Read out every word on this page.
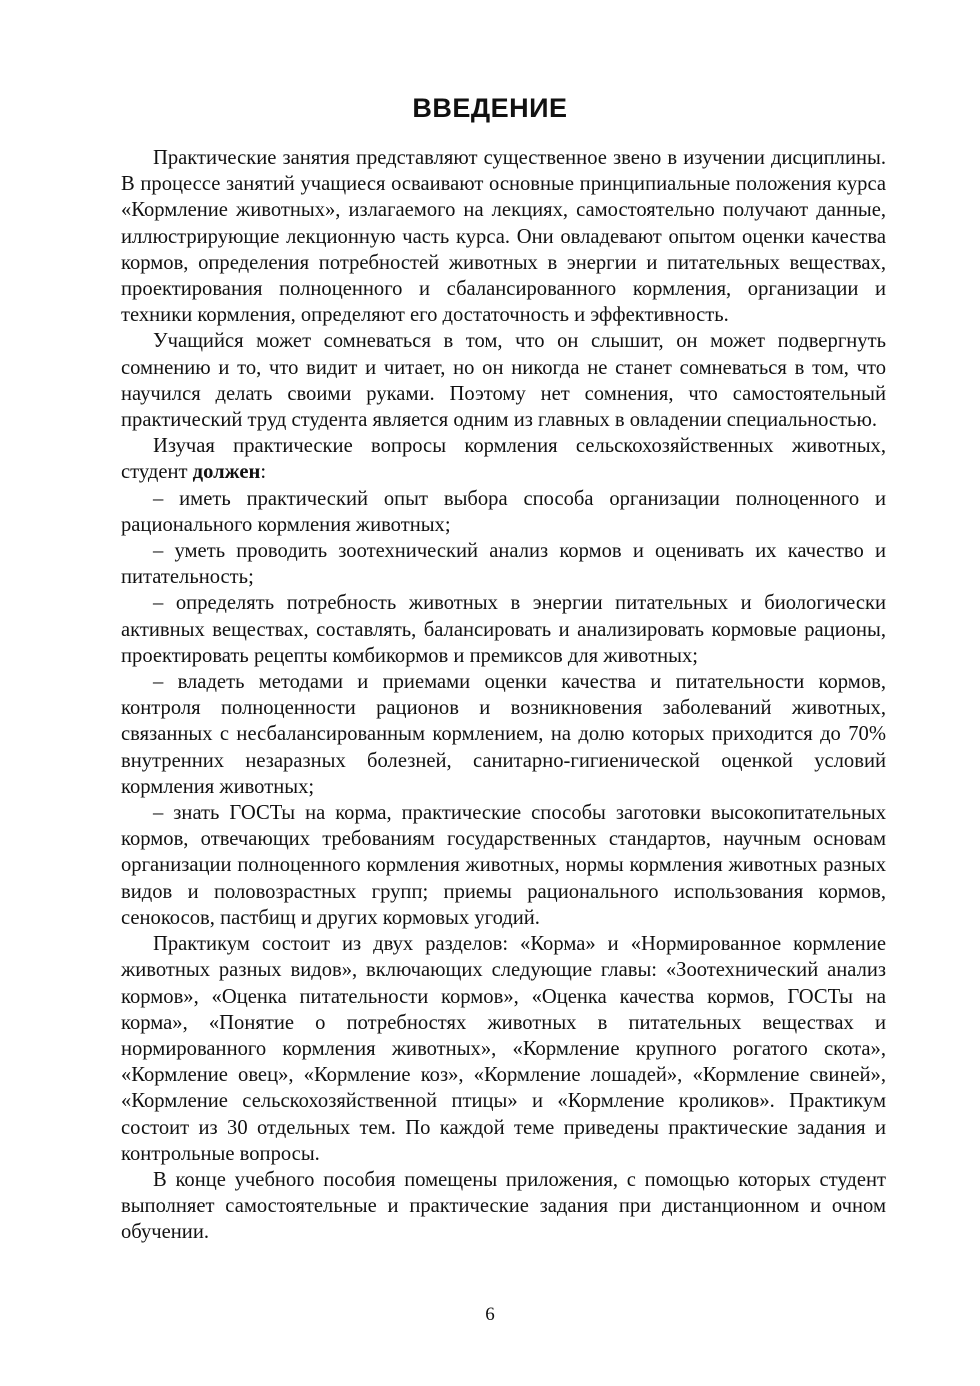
ВВЕДЕНИЕ

Практические занятия представляют существенное звено в изучении дисциплины. В процессе занятий учащиеся осваивают основные принципиальные положения курса «Кормление животных», излагаемого на лекциях, самостоятельно получают данные, иллюстрирующие лекционную часть курса. Они овладевают опытом оценки качества кормов, определения потребностей животных в энергии и питательных веществах, проектирования полноценного и сбалансированного кормления, организации и техники кормления, определяют его достаточность и эффективность.

Учащийся может сомневаться в том, что он слышит, он может подвергнуть сомнению и то, что видит и читает, но он никогда не станет сомневаться в том, что научился делать своими руками. Поэтому нет сомнения, что самостоятельный практический труд студента является одним из главных в овладении специальностью.

Изучая практические вопросы кормления сельскохозяйственных животных, студент должен:

– иметь практический опыт выбора способа организации полноценного и рационального кормления животных;

– уметь проводить зоотехнический анализ кормов и оценивать их качество и питательность;

– определять потребность животных в энергии питательных и биологически активных веществах, составлять, балансировать и анализировать кормовые рационы, проектировать рецепты комбикормов и премиксов для животных;

– владеть методами и приемами оценки качества и питательности кормов, контроля полноценности рационов и возникновения заболеваний животных, связанных с несбалансированным кормлением, на долю которых приходится до 70% внутренних незаразных болезней, санитарно-гигиенической оценкой условий кормления животных;

– знать ГОСТы на корма, практические способы заготовки высокопитательных кормов, отвечающих требованиям государственных стандартов, научным основам организации полноценного кормления животных, нормы кормления животных разных видов и половозрастных групп; приемы рационального использования кормов, сенокосов, пастбищ и других кормовых угодий.

Практикум состоит из двух разделов: «Корма» и «Нормированное кормление животных разных видов», включающих следующие главы: «Зоотехнический анализ кормов», «Оценка питательности кормов», «Оценка качества кормов, ГОСТы на корма», «Понятие о потребностях животных в питательных веществах и нормированного кормления животных», «Кормление крупного рогатого скота», «Кормление овец», «Кормление коз», «Кормление лошадей», «Кормление свиней», «Кормление сельскохозяйственной птицы» и «Кормление кроликов». Практикум состоит из 30 отдельных тем. По каждой теме приведены практические задания и контрольные вопросы.

В конце учебного пособия помещены приложения, с помощью которых студент выполняет самостоятельные и практические задания при дистанционном и очном обучении.

6
